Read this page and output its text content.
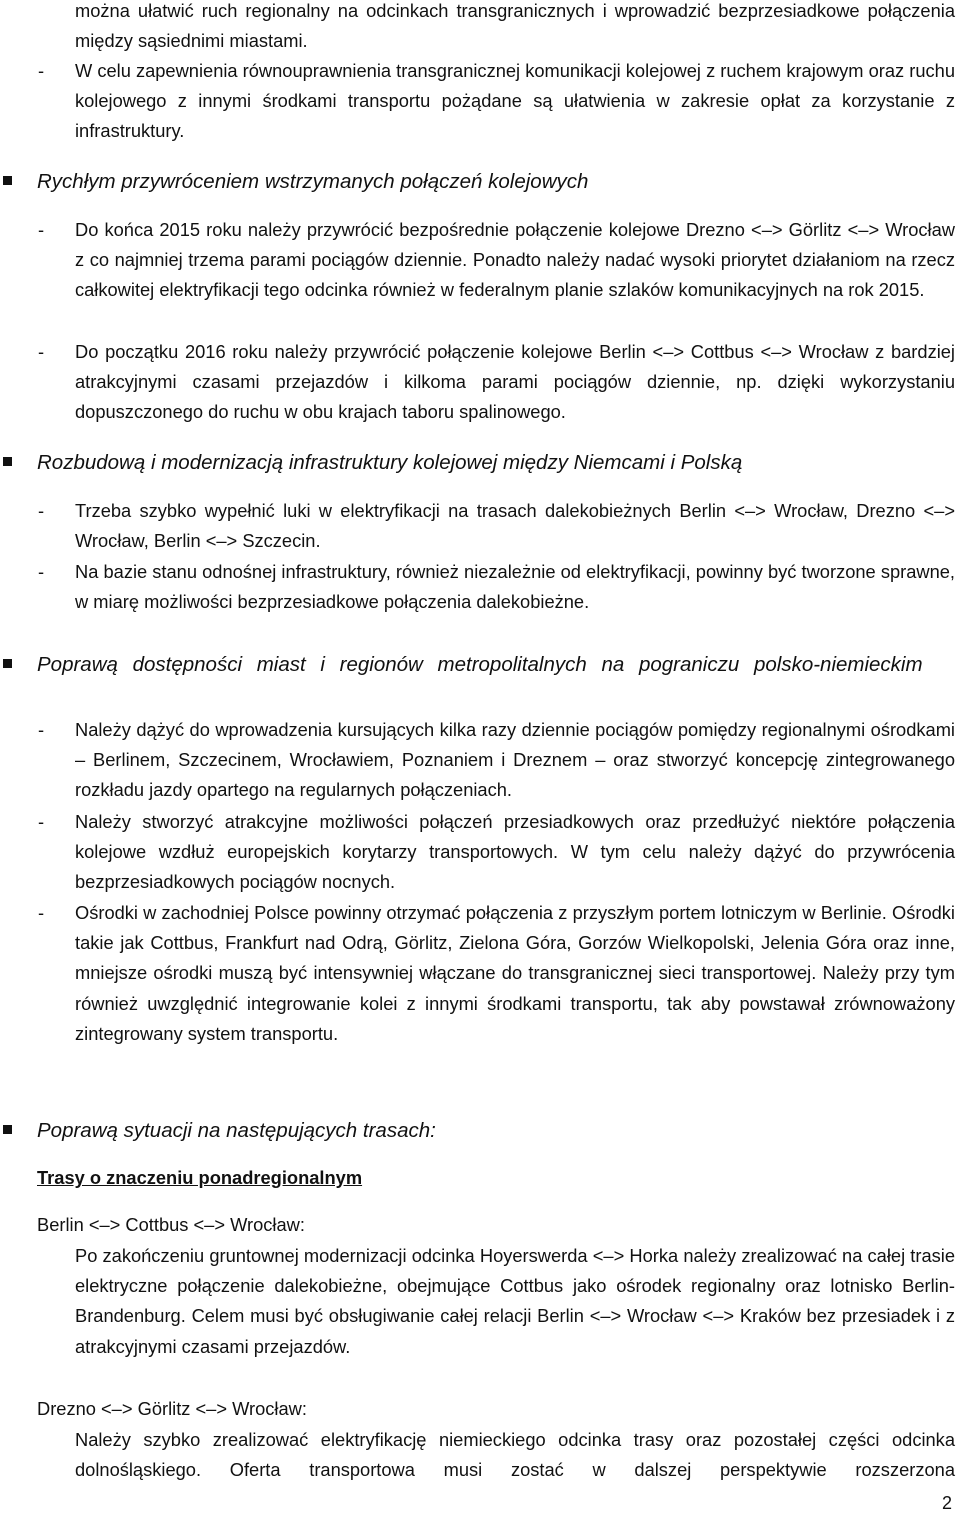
można ułatwić ruch regionalny na odcinkach transgranicznych i wprowadzić bezprzesiadkowe połączenia między sąsiednimi miastami.
- W celu zapewnienia równouprawnienia transgranicznej komunikacji kolejowej z ruchem krajowym oraz ruchu kolejowego z innymi środkami transportu pożądane są ułatwienia w zakresie opłat za korzystanie z infrastruktury.
Rychłym przywróceniem wstrzymanych połączeń kolejowych
- Do końca 2015 roku należy przywrócić bezpośrednie połączenie kolejowe Drezno <–> Görlitz <–> Wrocław z co najmniej trzema parami pociągów dziennie. Ponadto należy nadać wysoki priorytet działaniom na rzecz całkowitej elektryfikacji tego odcinka również w federalnym planie szlaków komunikacyjnych na rok 2015.
- Do początku 2016 roku należy przywrócić połączenie kolejowe Berlin <–> Cottbus <–> Wrocław z bardziej atrakcyjnymi czasami przejazdów i kilkoma parami pociągów dziennie, np. dzięki wykorzystaniu dopuszczonego do ruchu w obu krajach taboru spalinowego.
Rozbudową i modernizacją infrastruktury kolejowej między Niemcami i Polską
- Trzeba szybko wypełnić luki w elektryfikacji na trasach dalekobieżnych Berlin <–> Wrocław, Drezno <–> Wrocław, Berlin <–> Szczecin.
- Na bazie stanu odnośnej infrastruktury, również niezależnie od elektryfikacji, powinny być tworzone sprawne, w miarę możliwości bezprzesiadkowe połączenia dalekobieżne.
Poprawą dostępności miast i regionów metropolitalnych na pograniczu polsko-niemieckim
- Należy dążyć do wprowadzenia kursujących kilka razy dziennie pociągów pomiędzy regionalnymi ośrodkami – Berlinem, Szczecinem, Wrocławiem, Poznaniem i Dreznem – oraz stworzyć koncepcję zintegrowanego rozkładu jazdy opartego na regularnych połączeniach.
- Należy stworzyć atrakcyjne możliwości połączeń przesiadkowych oraz przedłużyć niektóre połączenia kolejowe wzdłuż europejskich korytarzy transportowych. W tym celu należy dążyć do przywrócenia bezprzesiadkowych pociągów nocnych.
- Ośrodki w zachodniej Polsce powinny otrzymać połączenia z przyszłym portem lotniczym w Berlinie. Ośrodki takie jak Cottbus, Frankfurt nad Odrą, Görlitz, Zielona Góra, Gorzów Wielkopolski, Jelenia Góra oraz inne, mniejsze ośrodki muszą być intensywniej włączane do transgranicznej sieci transportowej. Należy przy tym również uwzględnić integrowanie kolei z innymi środkami transportu, tak aby powstawał zrównoważony zintegrowany system transportu.
Poprawą sytuacji na następujących trasach:
Trasy o znaczeniu ponadregionalnym
Berlin <–> Cottbus <–> Wrocław:
Po zakończeniu gruntownej modernizacji odcinka Hoyerswerda <–> Horka należy zrealizować na całej trasie elektryczne połączenie dalekobieżne, obejmujące Cottbus jako ośrodek regionalny oraz lotnisko Berlin-Brandenburg. Celem musi być obsługiwanie całej relacji Berlin <–> Wrocław <–> Kraków bez przesiadek i z atrakcyjnymi czasami przejazdów.
Drezno <–> Görlitz <–> Wrocław:
Należy szybko zrealizować elektryfikację niemieckiego odcinka trasy oraz pozostałej części odcinka dolnośląskiego. Oferta transportowa musi zostać w dalszej perspektywie rozszerzona
2
